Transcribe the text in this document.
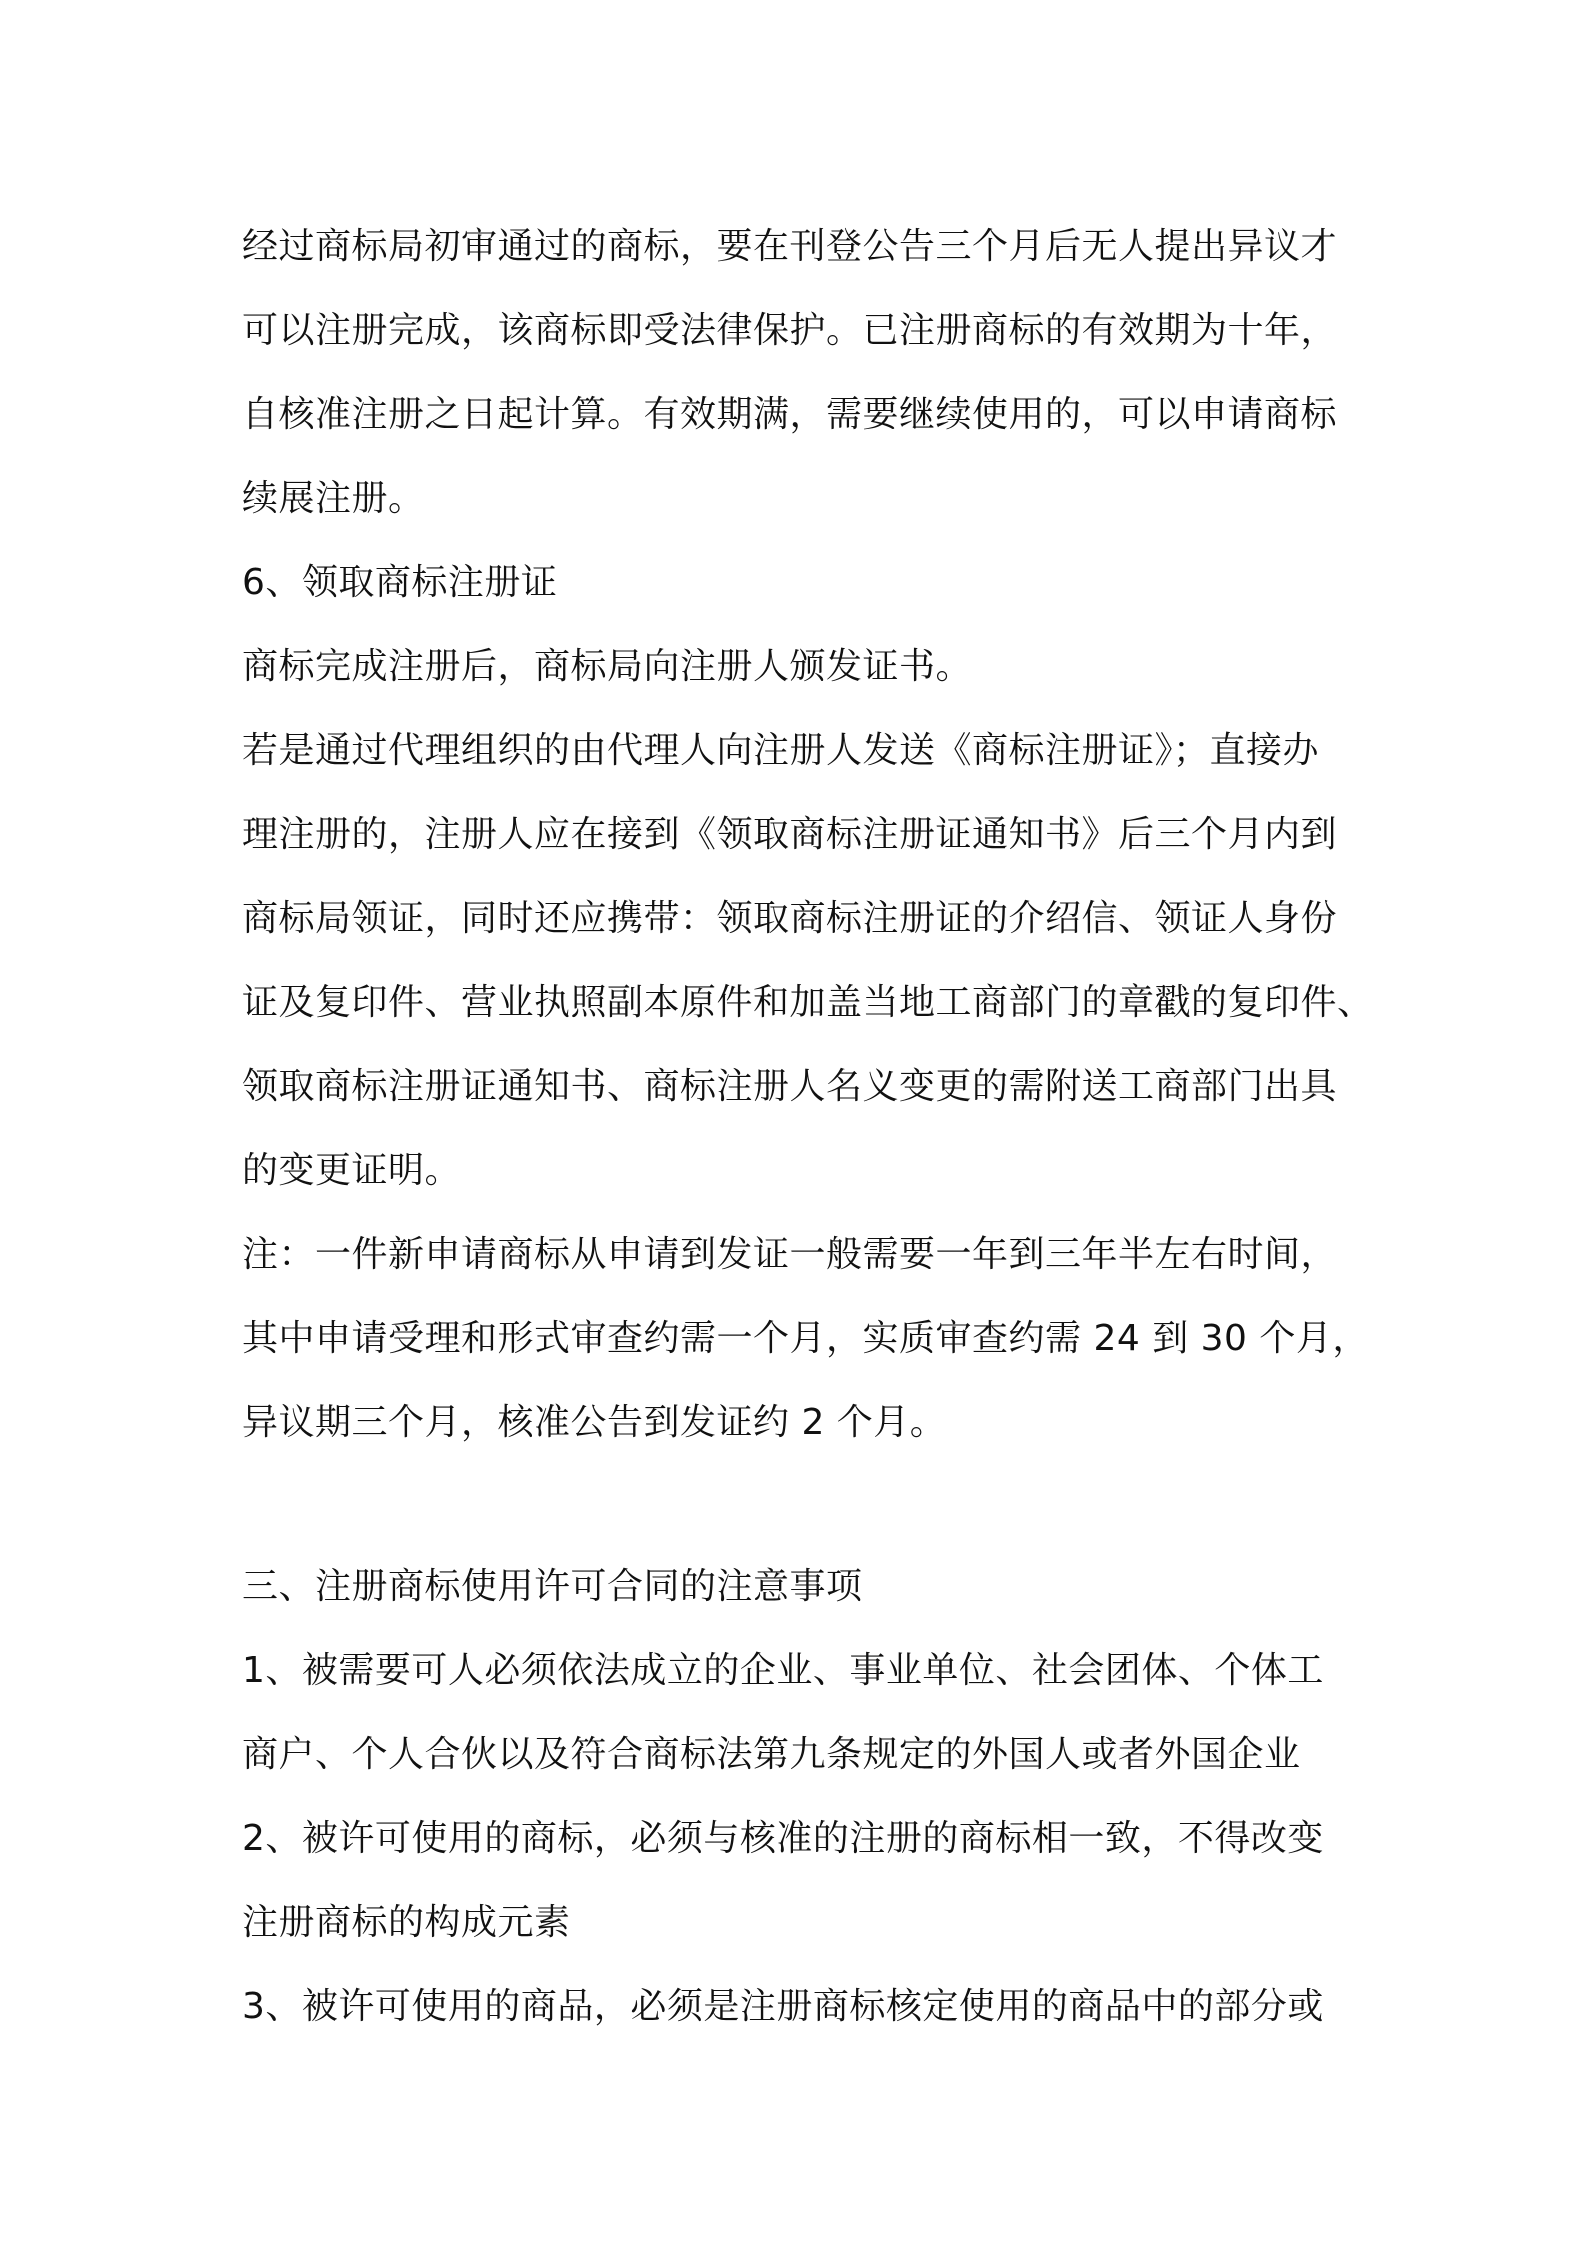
经过商标局初审通过的商标，要在刊登公告三个月后无人提出异议才
可以注册完成，该商标即受法律保护。已注册商标的有效期为十年，
自核准注册之日起计算。有效期满，需要继续使用的，可以申请商标
续展注册。
6、领取商标注册证
商标完成注册后，商标局向注册人颁发证书。
若是通过代理组织的由代理人向注册人发送《商标注册证》；直接办
理注册的，注册人应在接到《领取商标注册证通知书》后三个月内到
商标局领证，同时还应携带：领取商标注册证的介绍信、领证人身份
证及复印件、营业执照副本原件和加盖当地工商部门的章戳的复印件、
领取商标注册证通知书、商标注册人名义变更的需附送工商部门出具
的变更证明。
注：一件新申请商标从申请到发证一般需要一年到三年半左右时间，
其中申请受理和形式审查约需一个月，实质审查约需 24 到 30 个月，
异议期三个月，核准公告到发证约 2 个月。
三、注册商标使用许可合同的注意事项
1、被需要可人必须依法成立的企业、事业单位、社会团体、个体工
商户、个人合伙以及符合商标法第九条规定的外国人或者外国企业
2、被许可使用的商标，必须与核准的注册的商标相一致，不得改变
注册商标的构成元素
3、被许可使用的商品，必须是注册商标核定使用的商品中的部分或
